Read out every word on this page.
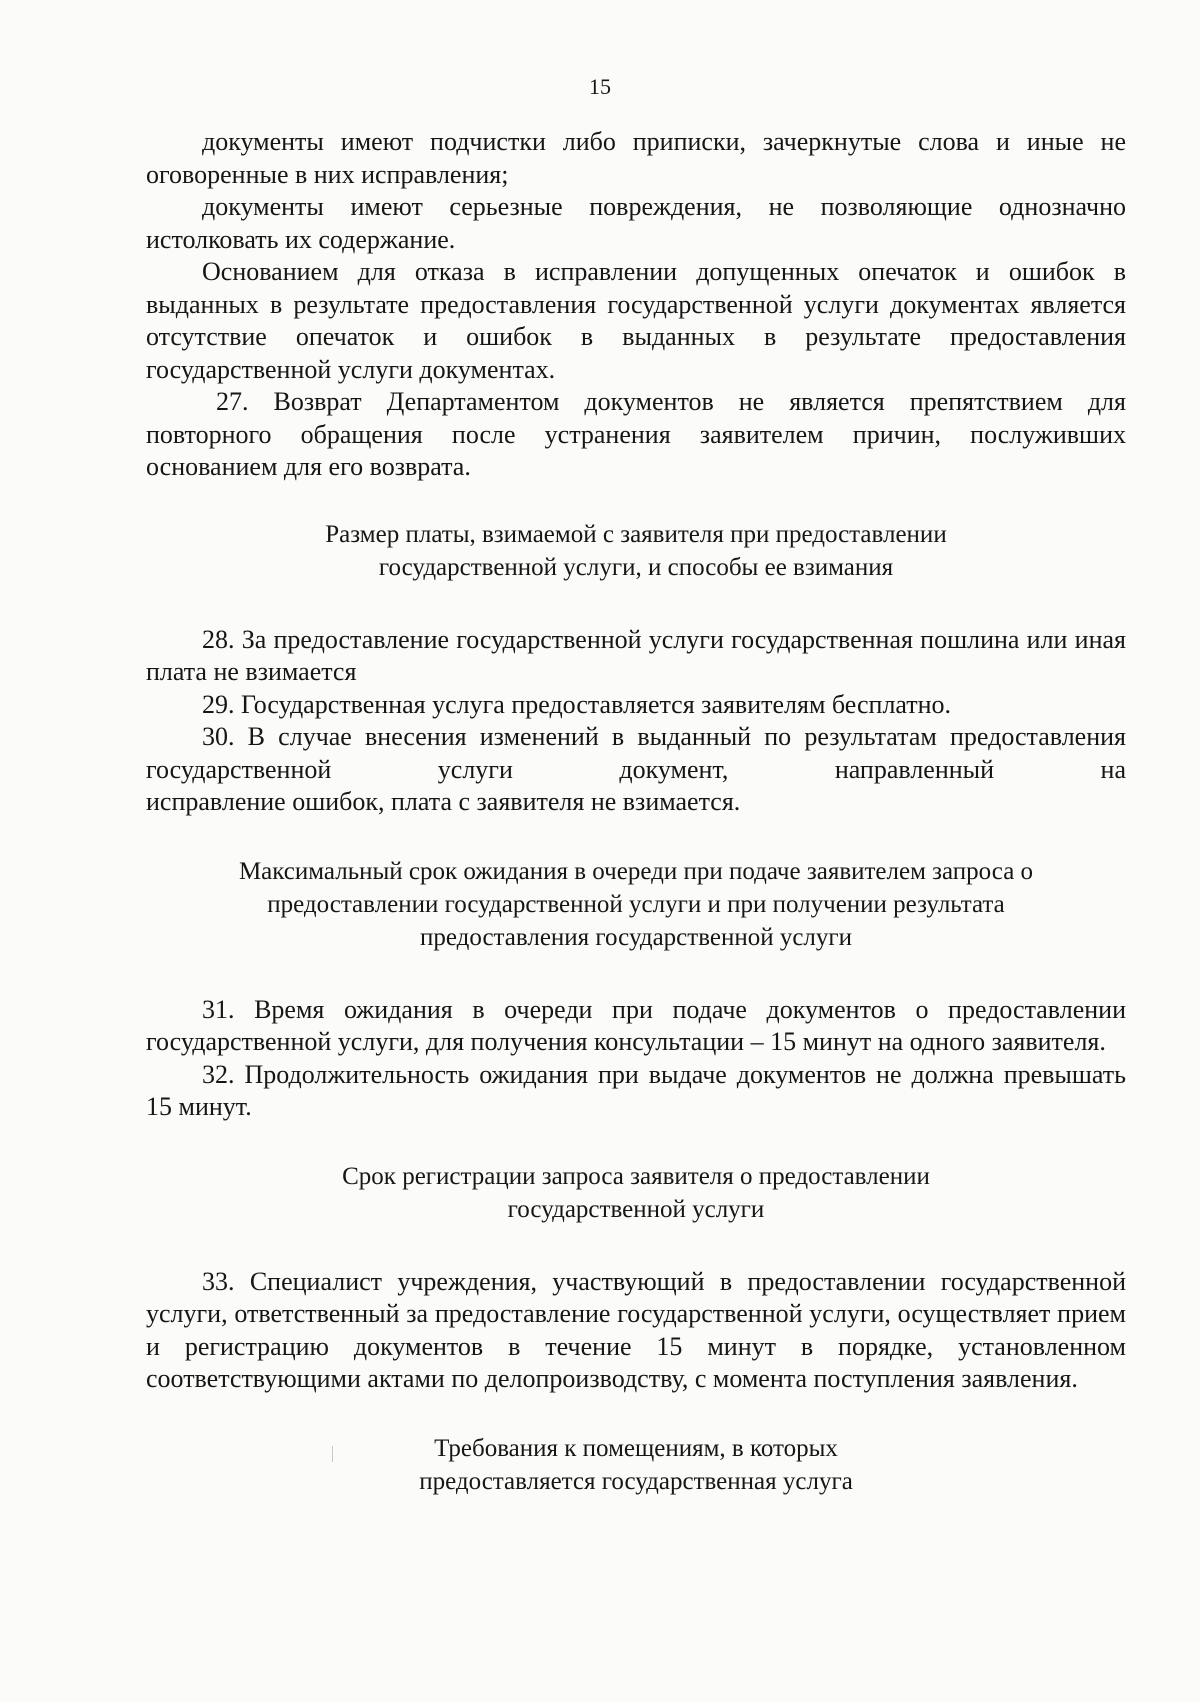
15

документы имеют подчистки либо приписки, зачеркнутые слова и иные не оговоренные в них исправления;

документы имеют серьезные повреждения, не позволяющие однозначно истолковать их содержание.

Основанием для отказа в исправлении допущенных опечаток и ошибок в выданных в результате предоставления государственной услуги документах является отсутствие опечаток и ошибок в выданных в результате предоставления государственной услуги документах.

27. Возврат Департаментом документов не является препятствием для повторного обращения после устранения заявителем причин, послуживших основанием для его возврата.

Размер платы, взимаемой с заявителя при предоставлении
государственной услуги, и способы ее взимания

28. За предоставление государственной услуги государственная пошлина или иная плата не взимается

29. Государственная услуга предоставляется заявителям бесплатно.

30. В случае внесения изменений в выданный по результатам предоставления государственной услуги документ, направленный на

исправление ошибок, плата с заявителя не взимается.

Максимальный срок ожидания в очереди при подаче заявителем запроса о
предоставлении государственной услуги и при получении результата
предоставления государственной услуги

31. Время ожидания в очереди при подаче документов о предоставлении государственной услуги, для получения консультации – 15 минут на одного заявителя.

32. Продолжительность ожидания при выдаче документов не должна превышать 15 минут.

Срок регистрации запроса заявителя о предоставлении
государственной услуги

33. Специалист учреждения, участвующий в предоставлении государственной услуги, ответственный за предоставление государственной услуги, осуществляет прием и регистрацию документов в течение 15 минут в порядке, установленном соответствующими актами по делопроизводству, с момента поступления заявления.

Требования к помещениям, в которых
предоставляется государственная услуга
